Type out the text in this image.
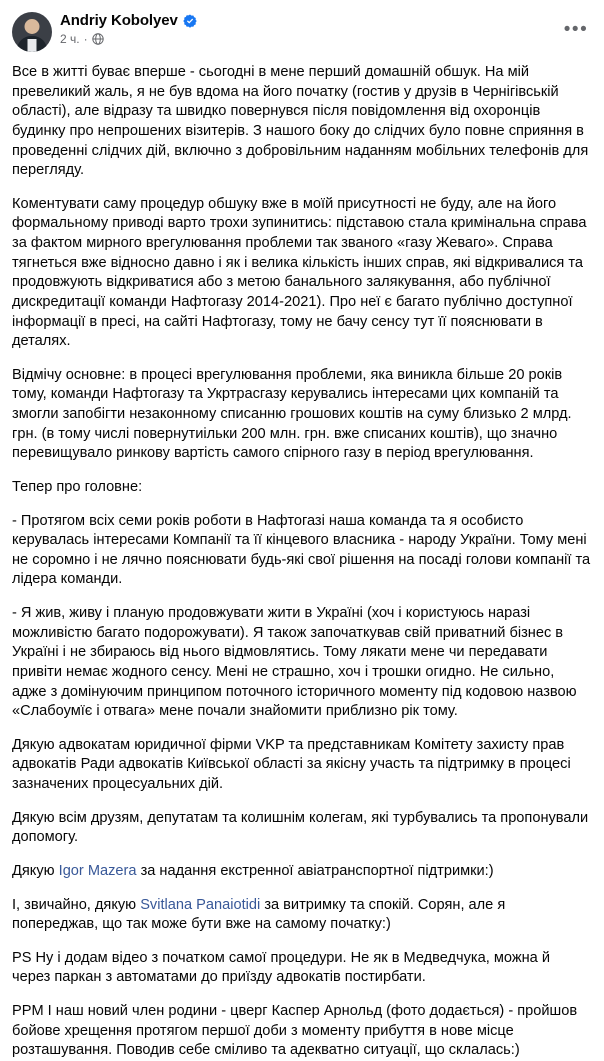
Andriy Kobolyev
2 ч. ·	•••

Все в житті буває вперше - сьогодні в мене перший домашній обшук. На мій превеликий жаль, я не був вдома на його початку (гостив у друзів в Чернігівській області), але відразу та швидко повернувся після повідомлення від охоронців будинку про непрошених візитерів. З нашого боку до слідчих було повне сприяння в проведенні слідчих дій, включно з добровільним наданням мобільних телефонів для перегляду.

Коментувати саму процедур обшуку вже в моїй присутності не буду, але на його формальному приводі варто трохи зупинитись: підставою стала кримінальна справа за фактом мирного врегулювання проблеми так званого «газу Жеваго». Справа тягнеться вже відносно давно і як і велика кількість інших справ, які відкривалися та продовжують відкриватися або з метою банального залякування, або публічної дискредитації команди Нафтогазу 2014-2021). Про неї є багато публічно доступної інформації в пресі, на сайті Нафтогазу, тому не бачу сенсу тут її пояснювати в деталях.

Відмічу основне: в процесі врегулювання проблеми, яка виникла більше 20 років тому, команди Нафтогазу та Укртрасгазу керувались інтересами цих компаній та змогли запобігти незаконному списанню грошових коштів на суму близько 2 млрд. грн. (в тому числі повернутиільки 200 млн. грн. вже списаних коштів), що значно перевищувало ринкову вартість самого спірного газу в період врегулювання.

Тепер про головне:

- Протягом всіх семи років роботи в Нафтогазі наша команда та я особисто керувалась інтересами Компанії та її кінцевого власника - народу України. Тому мені не соромно і не лячно пояснювати будь-які свої рішення на посаді голови компанії та лідера команди.

- Я жив, живу і планую продовжувати жити в Україні (хоч і користуюсь наразі можливістю багато подорожувати). Я також започаткував свій приватний бізнес в Україні і не збираюсь від нього відмовлятись. Тому лякати мене чи передавати привіти немає жодного сенсу. Мені не страшно, хоч і трошки огидно. Не сильно, адже з домінуючим принципом поточного історичного моменту під кодовою назвою «Слабоумїє і отвага» мене почали знайомити приблизно рік тому.

Дякую адвокатам юридичної фірми VKP та представникам Комітету захисту прав адвокатів Ради адвокатів Київської області за якісну участь та підтримку в процесі зазначених процесуальних дій.

Дякую всім друзям, депутатам та колишнім колегам, які турбувались та пропонували допомогу.

Дякую Igor Mazera за надання екстренної авіатранспортної підтримки:)

І, звичайно, дякую Svitlana Panaiotidi за витримку та спокій. Сорян, але я попереджав, що так може бути вже на самому початку:)

PS Ну і додам відео з початком самої процедури. Не як в Медведчука, можна й через паркан з автоматами до приїзду адвокатів постирбати.

PPM І наш новий член родини - цверг Каспер Арнольд (фото додається) - пройшов бойове хрещення протягом першої доби з моменту прибуття в нове місце розташування. Поводив себе сміливо та адекватно ситуації, що склалась:)
